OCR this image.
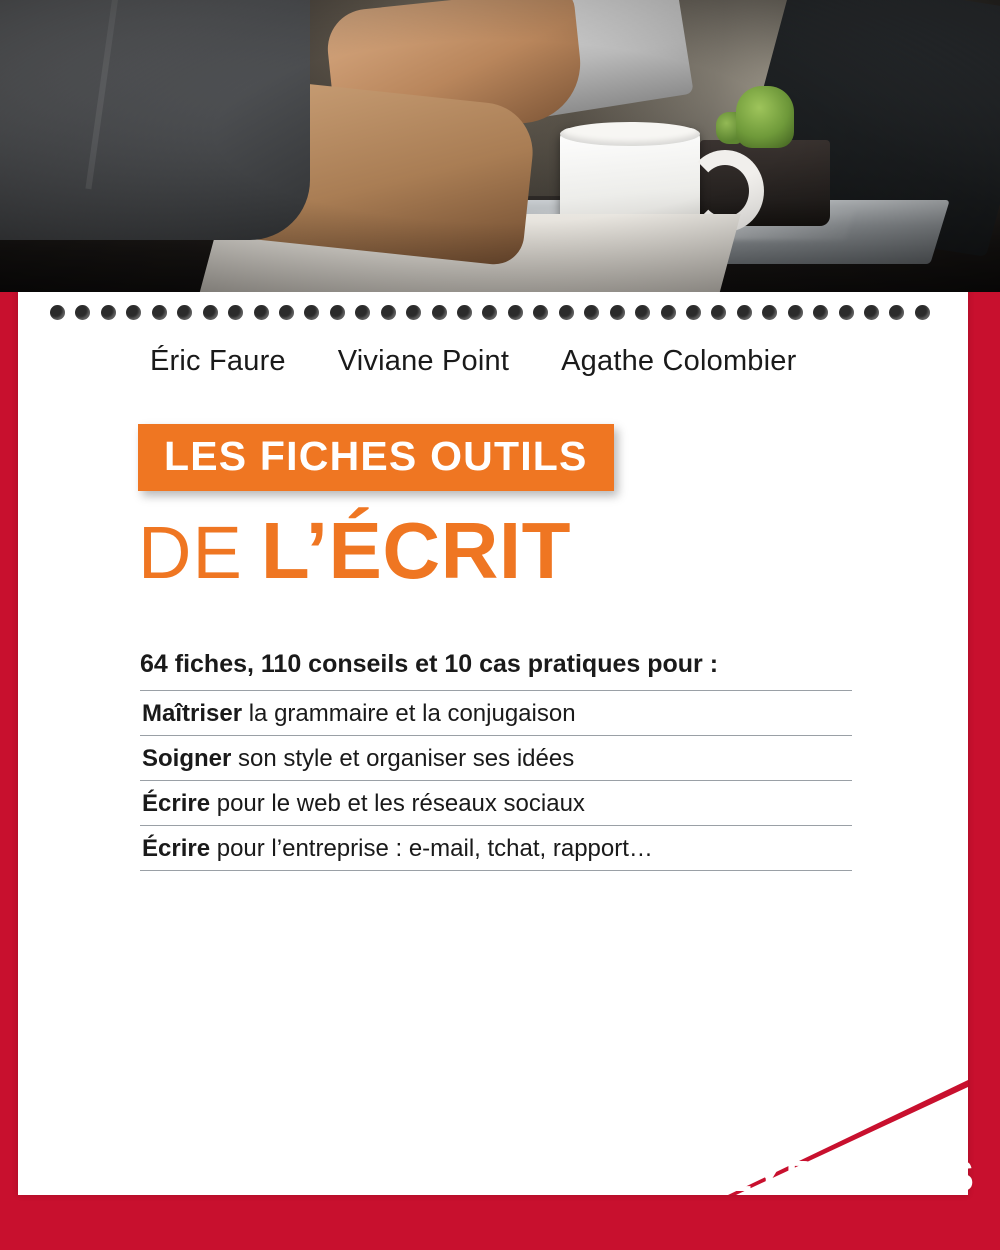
Éric Faure Viviane Point Agathe Colombier
LES FICHES OUTILS
DE L’ÉCRIT
64 fiches, 110 conseils et 10 cas pratiques pour :
Maîtriser la grammaire et la conjugaison
Soigner son style et organiser ses idées
Écrire pour le web et les réseaux sociaux
Écrire pour l’entreprise : e-mail, tchat, rapport…
EYROLLES
